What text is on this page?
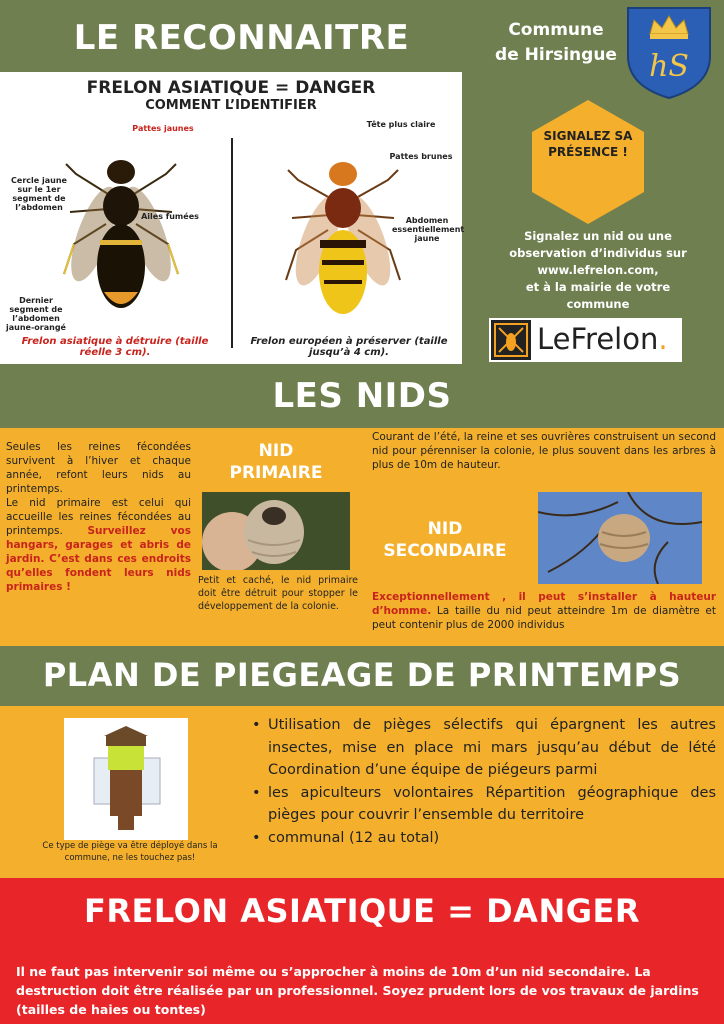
LE RECONNAITRE	Commune
de Hirsingue	hS
FRELON ASIATIQUE = DANGER
COMMENT L’IDENTIFIER
Pattes jaunes
Cercle jaune sur le 1er segment de l’abdomen
Ailes fumées
Dernier segment de l’abdomen jaune-orangé
Frelon asiatique à détruire (taille réelle 3 cm).
Tête plus claire
Pattes brunes
Abdomen essentiellement jaune
Frelon européen à préserver (taille jusqu’à 4 cm).
SIGNALEZ SA PRÉSENCE !
Signalez un nid ou une
observation d’individus sur
www.lefrelon.com,
et à la mairie de votre
commune
LeFrelon.
LES NIDS
Seules les reines fécondées survivent à l’hiver et chaque année, refont leurs nids au printemps.
Le nid primaire est celui qui accueille les reines fécondées au printemps. Surveillez vos hangars, garages et abris de jardin. C’est dans ces endroits qu’elles fondent leurs nids primaires !
NID
PRIMAIRE
Petit et caché, le nid primaire doit être détruit pour stopper le développement de la colonie.
Courant de l’été, la reine et ses ouvrières construisent un second nid pour pérenniser la colonie, le plus souvent dans les arbres à plus de 10m de hauteur.
NID
SECONDAIRE
Exceptionnellement , il peut s’installer à hauteur d’homme. La taille du nid peut atteindre 1m de diamètre et peut contenir plus de 2000 individus
PLAN DE PIEGEAGE DE PRINTEMPS
Ce type de piège va être déployé dans la commune, ne les touchez pas!
• Utilisation de pièges sélectifs qui épargnent les autres insectes, mise en place mi mars jusqu’au début de lété Coordination d’une équipe de piégeurs parmi
• les apiculteurs volontaires Répartition géographique des pièges pour couvrir l’ensemble du territoire
• communal (12 au total)
FRELON ASIATIQUE = DANGER
Il ne faut pas intervenir soi même ou s’approcher à moins de 10m d’un nid secondaire. La destruction doit être réalisée par un professionnel. Soyez prudent lors de vos travaux de jardins (tailles de haies ou tontes)
